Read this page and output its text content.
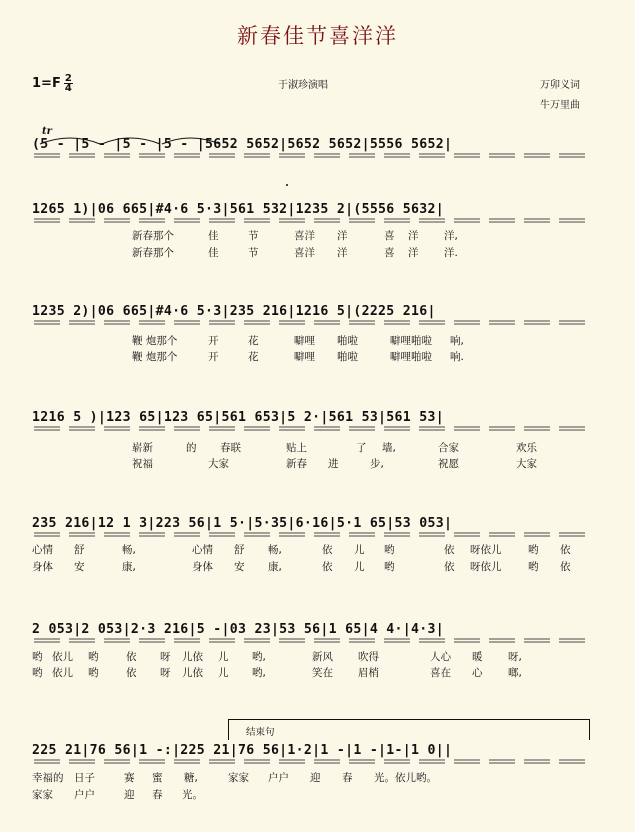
新春佳节喜洋洋
$1=F \frac{2}{4}$	于淑珍演唱	万卯义词
牛万里曲
tr
(5 - |5 - |5 - |5 - |5652 5652|5652 5652|5556 5652|
1265 1)|06 665|#4·6 5·3|561 532|1235 2|(5556 5632|
1235 2)|06 665|#4·6 5·3|235 216|1216 5|(2225 216|
1216 5 )|123 65|123 65|561 653|5 2·|561 53|561 53|
235 216|12 1 3|223 56|1 5·|5·35|6·16|5·1 65|53 053|
2 053|2 053|2·3 216|5 -|03 23|53 56|1 65|4 4·|4·3|
225 21|76 56|1 -:|225 21|76 56|1·2|1 -|1 -|1-|1 0||
新春那个	佳	节	喜洋 洋	喜 洋 洋,
新春那个	佳	节	喜洋 洋	喜 洋 洋.
鞭 炮那个	开	花	噼哩 啪啦	噼哩啪啦 响,
鞭 炮那个	开	花	噼哩 啪啦	噼哩啪啦 响.
崭新	的 春联	贴上	了 墙,	合家	欢乐
祝福	大家	新春 进	步,	祝愿	大家
心情 舒	畅,	心情 舒 畅,	依 儿 哟	依 呀依儿	哟 依
身体 安	康,	身体 安 康,	依 儿 哟	依 呀依儿	哟 依
哟 依儿 哟	依 呀 儿依 儿 哟,	新风 吹得	人心 暖 呀,
哟 依儿 哟	依 呀 儿依 儿 哟,	笑在 眉梢	喜在 心 啷,
幸福的 日子	赛 蜜 糖,	家家 户户 迎 春 光。依儿哟。
家家 户户	迎 春 光。
结束句
